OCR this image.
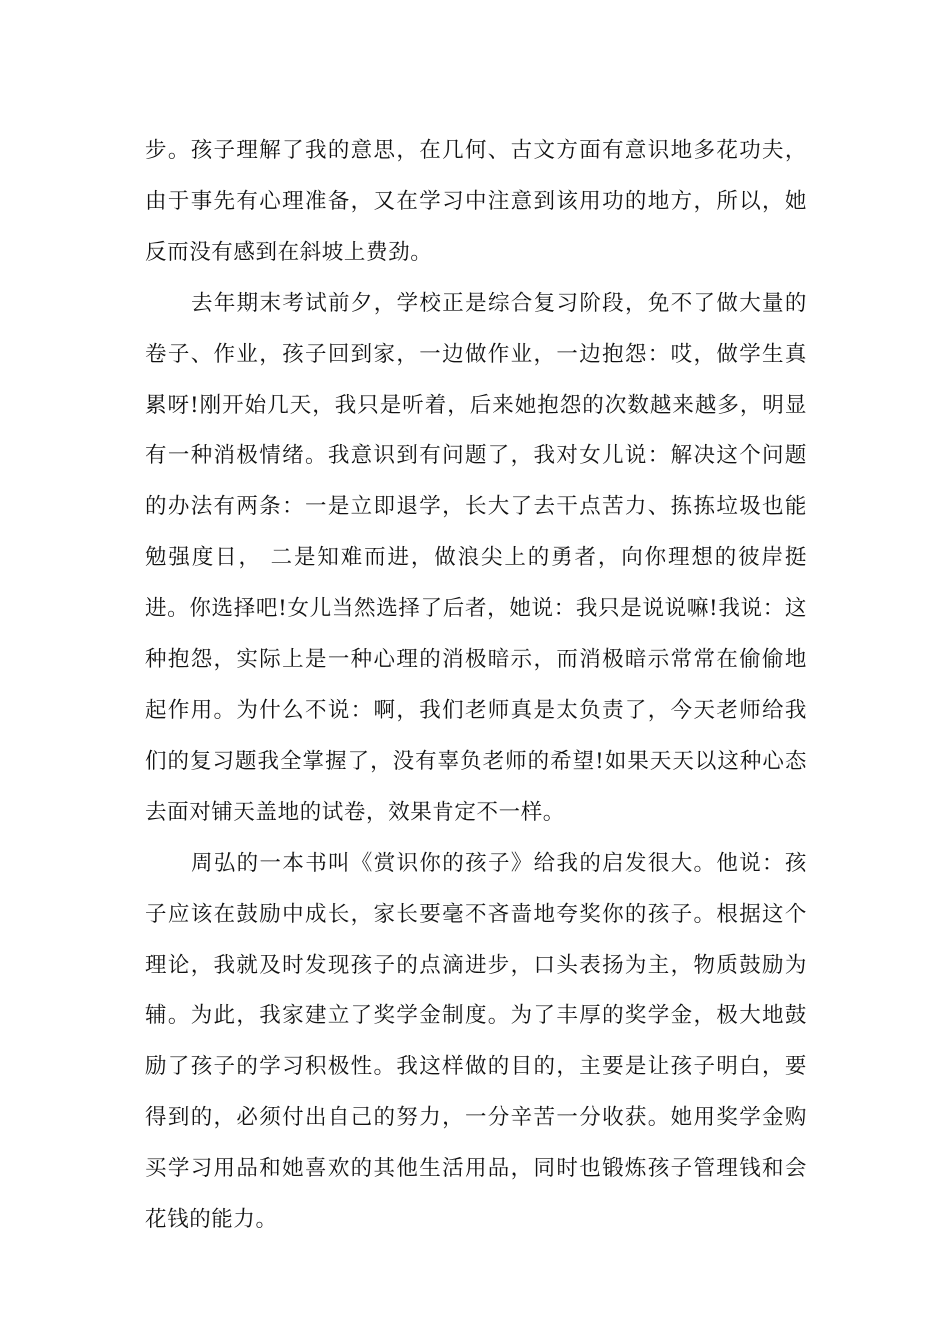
步。孩子理解了我的意思，在几何、古文方面有意识地多花功夫，由于事先有心理准备，又在学习中注意到该用功的地方，所以，她反而没有感到在斜坡上费劲。

去年期末考试前夕，学校正是综合复习阶段，免不了做大量的卷子、作业，孩子回到家，一边做作业，一边抱怨：哎，做学生真累呀!刚开始几天，我只是听着，后来她抱怨的次数越来越多，明显有一种消极情绪。我意识到有问题了，我对女儿说：解决这个问题的办法有两条：一是立即退学，长大了去干点苦力、拣拣垃圾也能勉强度日， 二是知难而进，做浪尖上的勇者，向你理想的彼岸挺进。你选择吧!女儿当然选择了后者，她说：我只是说说嘛!我说：这种抱怨，实际上是一种心理的消极暗示，而消极暗示常常在偷偷地起作用。为什么不说：啊，我们老师真是太负责了，今天老师给我们的复习题我全掌握了，没有辜负老师的希望!如果天天以这种心态去面对铺天盖地的试卷，效果肯定不一样。

周弘的一本书叫《赏识你的孩子》给我的启发很大。他说：孩子应该在鼓励中成长，家长要毫不吝啬地夸奖你的孩子。根据这个理论，我就及时发现孩子的点滴进步，口头表扬为主，物质鼓励为辅。为此，我家建立了奖学金制度。为了丰厚的奖学金，极大地鼓励了孩子的学习积极性。我这样做的目的，主要是让孩子明白，要得到的，必须付出自己的努力，一分辛苦一分收获。她用奖学金购买学习用品和她喜欢的其他生活用品，同时也锻炼孩子管理钱和会花钱的能力。
